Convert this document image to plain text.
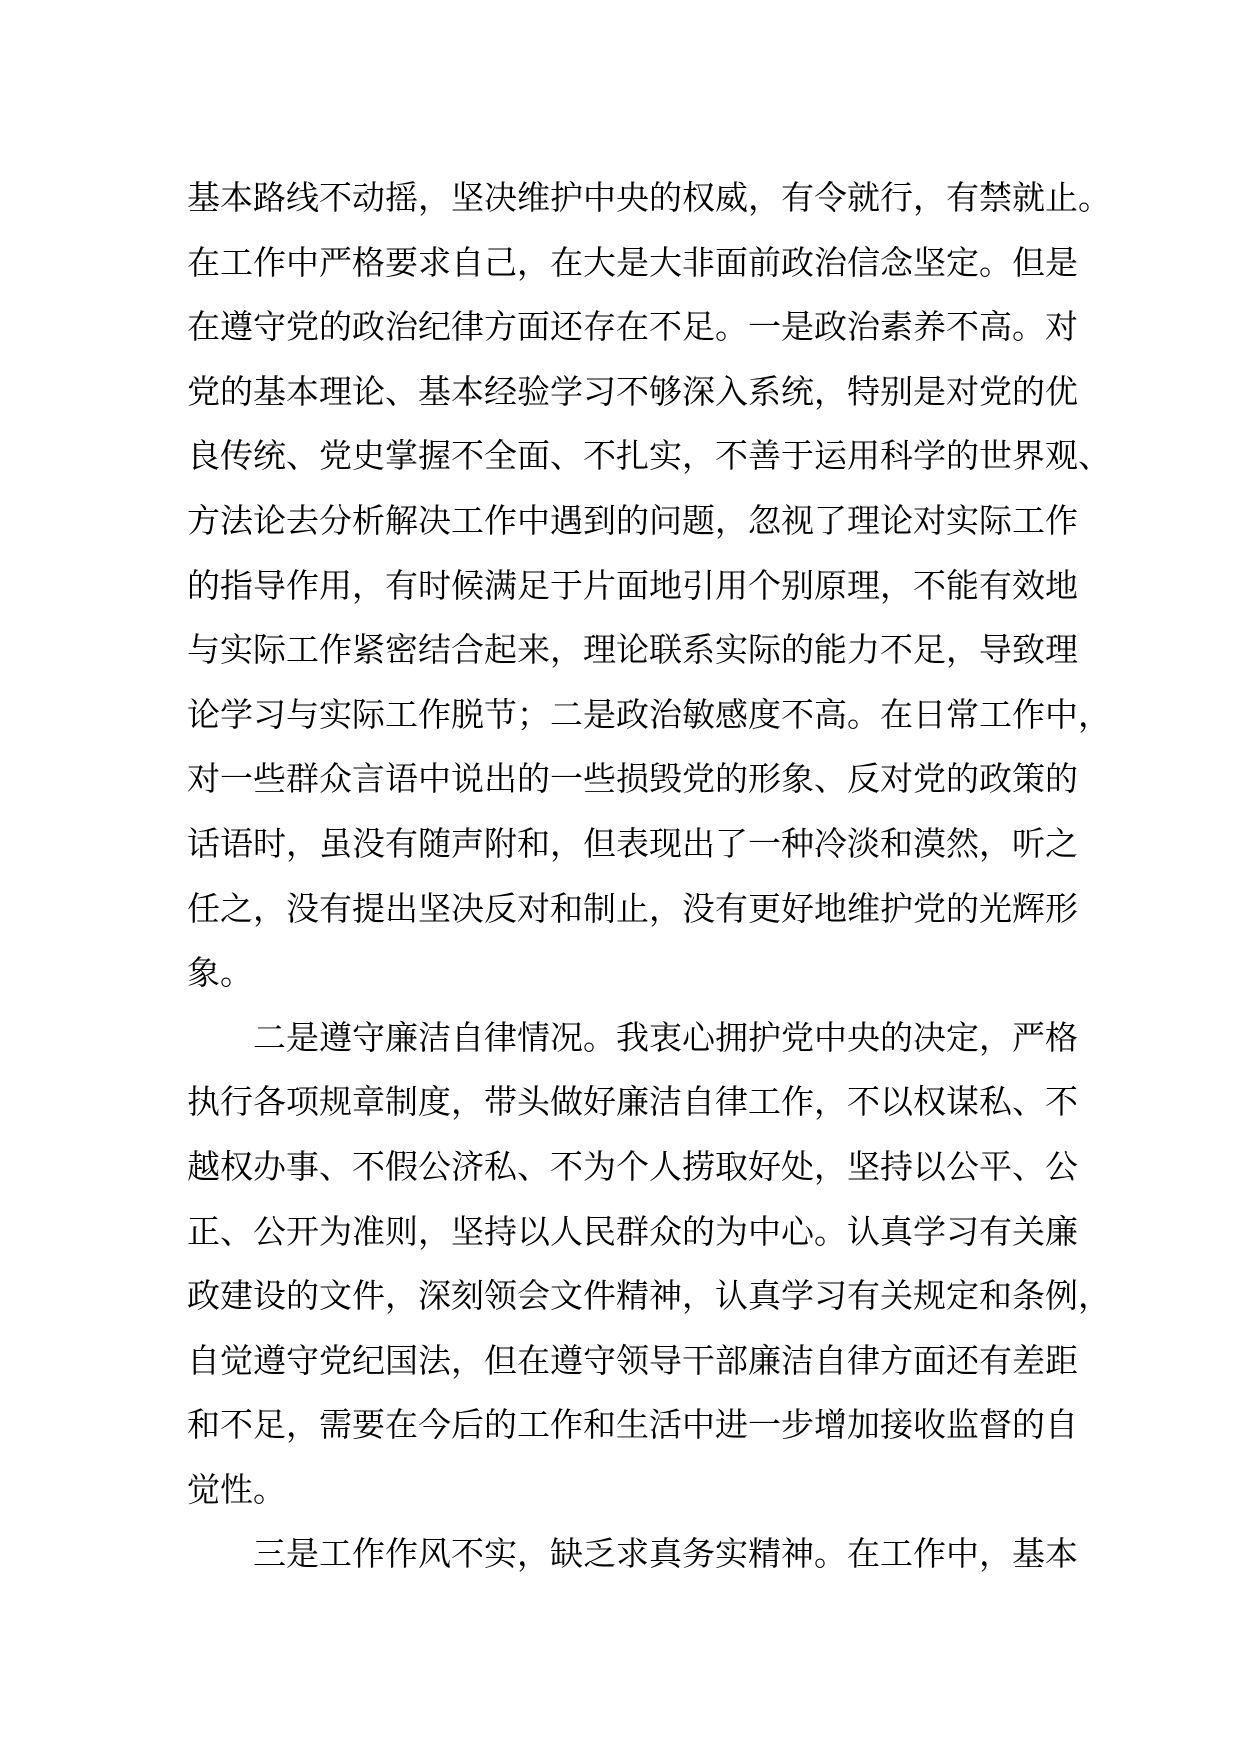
基本路线不动摇，坚决维护中央的权威，有令就行，有禁就止。
在工作中严格要求自己，在大是大非面前政治信念坚定。但是
在遵守党的政治纪律方面还存在不足。一是政治素养不高。对
党的基本理论、基本经验学习不够深入系统，特别是对党的优
良传统、党史掌握不全面、不扎实，不善于运用科学的世界观、
方法论去分析解决工作中遇到的问题，忽视了理论对实际工作
的指导作用，有时候满足于片面地引用个别原理，不能有效地
与实际工作紧密结合起来，理论联系实际的能力不足，导致理
论学习与实际工作脱节；二是政治敏感度不高。在日常工作中，
对一些群众言语中说出的一些损毁党的形象、反对党的政策的
话语时，虽没有随声附和，但表现出了一种冷淡和漠然，听之
任之，没有提出坚决反对和制止，没有更好地维护党的光辉形
象。
二是遵守廉洁自律情况。我衷心拥护党中央的决定，严格
执行各项规章制度，带头做好廉洁自律工作，不以权谋私、不
越权办事、不假公济私、不为个人捞取好处，坚持以公平、公
正、公开为准则，坚持以人民群众的为中心。认真学习有关廉
政建设的文件，深刻领会文件精神，认真学习有关规定和条例，
自觉遵守党纪国法，但在遵守领导干部廉洁自律方面还有差距
和不足，需要在今后的工作和生活中进一步增加接收监督的自
觉性。
三是工作作风不实，缺乏求真务实精神。在工作中，基本
